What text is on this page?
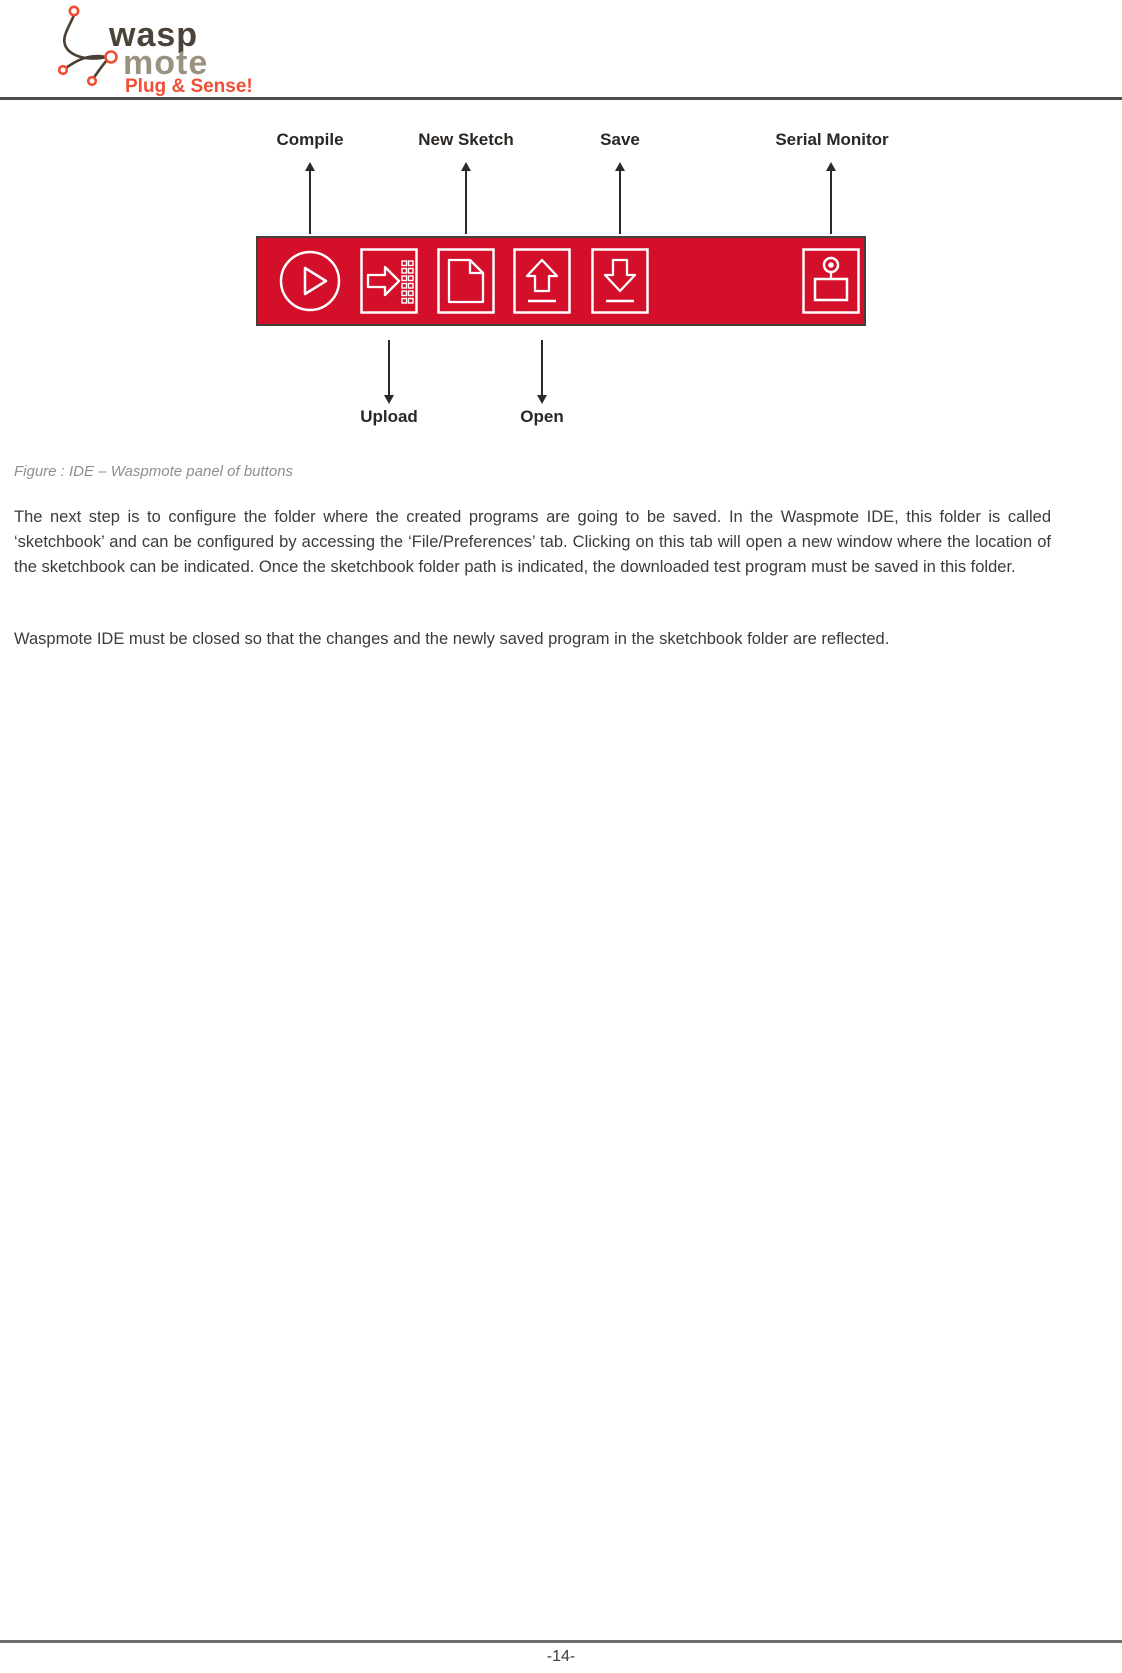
wasp
mote
Plug & Sense!
Compile	New Sketch	Save	Serial Monitor
Upload	Open
Figure : IDE – Waspmote panel of buttons
The next step is to configure the folder where the created programs are going to be saved. In the Waspmote IDE, this folder is called ‘sketchbook’ and can be configured by accessing the ‘File/Preferences’ tab. Clicking on this tab will open a new window where the location of the sketchbook can be indicated. Once the sketchbook folder path is indicated, the downloaded test program must be saved in this folder.
Waspmote IDE must be closed so that the changes and the newly saved program in the sketchbook folder are reflected.
-14-
